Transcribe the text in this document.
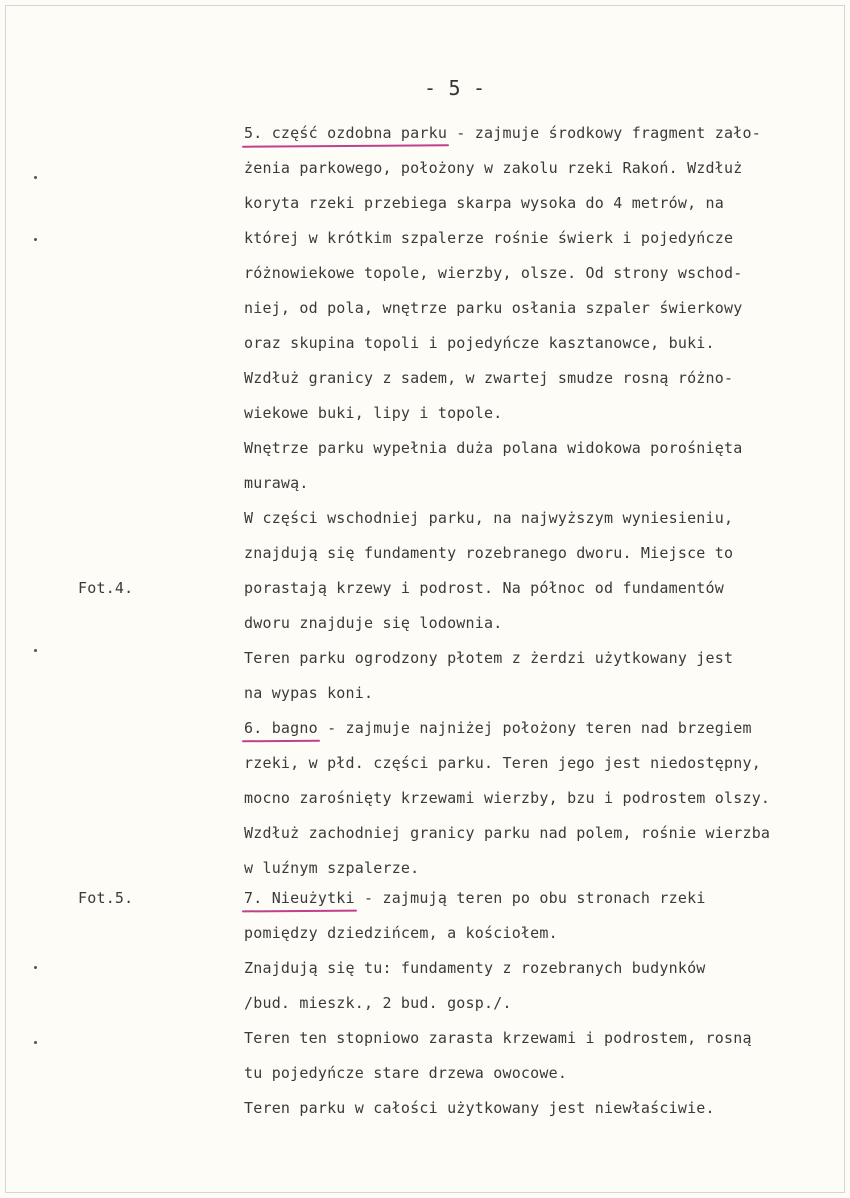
- 5 -
5. część ozdobna parku - zajmuje środkowy fragment zało-
żenia parkowego, położony w zakolu rzeki Rakoń. Wzdłuż
koryta rzeki przebiega skarpa wysoka do 4 metrów, na
której w krótkim szpalerze rośnie świerk i pojedyńcze
różnowiekowe topole, wierzby, olsze. Od strony wschod-
niej, od pola, wnętrze parku osłania szpaler świerkowy
oraz skupina topoli i pojedyńcze kasztanowce, buki.
Wzdłuż granicy z sadem, w zwartej smudze rosną różno-
wiekowe buki, lipy i topole.
Wnętrze parku wypełnia duża polana widokowa porośnięta
murawą.
W części wschodniej parku, na najwyższym wyniesieniu,
znajdują się fundamenty rozebranego dworu. Miejsce to
Fot.4.	porastają krzewy i podrost. Na północ od fundamentów
dworu znajduje się lodownia.
Teren parku ogrodzony płotem z żerdzi użytkowany jest
na wypas koni.
6. bagno - zajmuje najniżej położony teren nad brzegiem
rzeki, w płd. części parku. Teren jego jest niedostępny,
mocno zarośnięty krzewami wierzby, bzu i podrostem olszy.
Wzdłuż zachodniej granicy parku nad polem, rośnie wierzba
w luźnym szpalerze.
Fot.5.	7. Nieużytki - zajmują teren po obu stronach rzeki
pomiędzy dziedzińcem, a kościołem.
Znajdują się tu: fundamenty z rozebranych budynków
/bud. mieszk., 2 bud. gosp./.
Teren ten stopniowo zarasta krzewami i podrostem, rosną
tu pojedyńcze stare drzewa owocowe.
Teren parku w całości użytkowany jest niewłaściwie.
